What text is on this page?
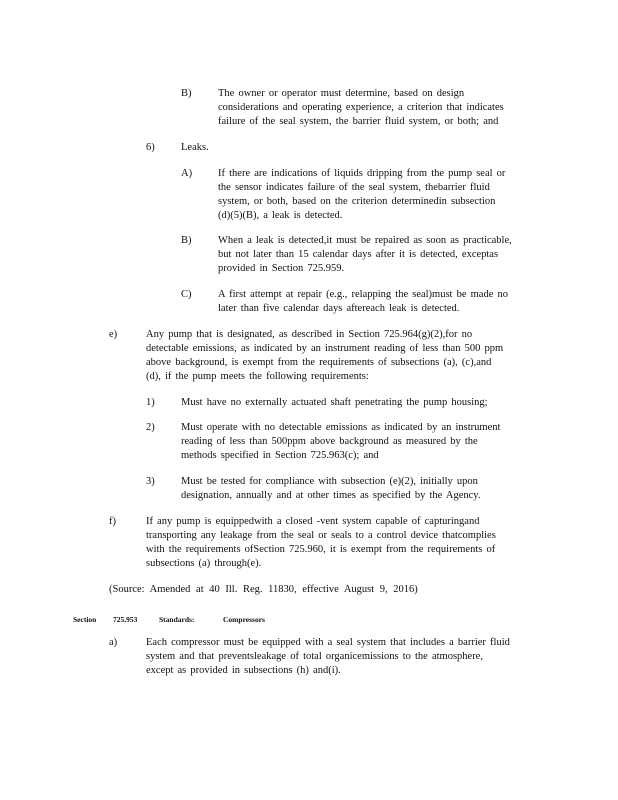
B)	The owner or operator must determine, based on design
considerations and operating experience, a criterion that indicates
failure of the seal system, the barrier fluid system, or both; and
6)	Leaks.
A) If there are indications of liquids dripping from the pump seal or
the sensor indicates failure of the seal system, thebarrier fluid
system, or both, based on the criterion determinedin subsection
(d)(5)(B), a leak is detected.
B)	When a leak is detected,it must be repaired as soon as practicable,
but not later than 15 calendar days after it is detected, exceptas
provided in Section 725.959.
C)	A first attempt at repair (e.g., relapping the seal)must be made no
later than five calendar days aftereach leak is detected.
e)	Any pump that is designated, as described in Section 725.964(g)(2),for no
detectable emissions, as indicated by an instrument reading of less than 500 ppm
above background, is exempt from the requirements of subsections (a), (c),and
(d), if the pump meets the following requirements:
1)	Must have no externally actuated shaft penetrating the pump housing;
2)	Must operate with no detectable emissions as indicated by an instrument
reading of less than 500ppm above background as measured by the
methods specified in Section 725.963(c); and
3)	Must be tested for compliance with subsection (e)(2), initially upon
designation, annually and at other times as specified by the Agency.
f)	If any pump is equippedwith a closed -vent system capable of capturingand
transporting any leakage from the seal or seals to a control device thatcomplies
with the requirements ofSection 725.960, it is exempt from the requirements of
subsections (a) through(e).
(Source: Amended at 40 Ill. Reg. 11830, effective August 9, 2016)
Section 725.953	Standards:	Compressors
a)	Each compressor must be equipped with a seal system that includes a barrier fluid
system and that preventsleakage of total organicemissions to the atmosphere,
except as provided in subsections (h) and(i).
